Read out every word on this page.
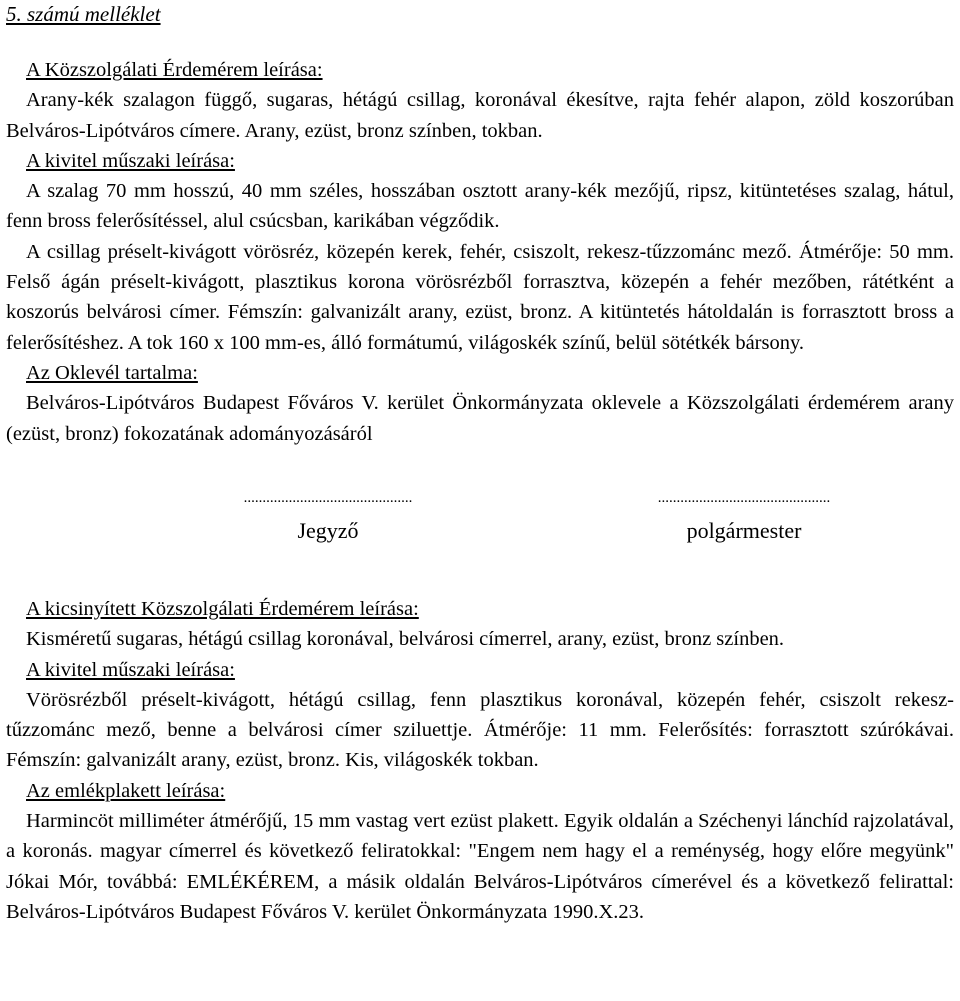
5. számú melléklet
A Közszolgálati Érdemérem leírása:

Arany-kék szalagon függő, sugaras, hétágú csillag, koronával ékesítve, rajta fehér alapon, zöld koszorúban Belváros-Lipótváros címere. Arany, ezüst, bronz színben, tokban.

A kivitel műszaki leírása:

A szalag 70 mm hosszú, 40 mm széles, hosszában osztott arany-kék mezőjű, ripsz, kitüntetéses szalag, hátul, fenn bross felerősítéssel, alul csúcsban, karikában végződik.

A csillag préselt-kivágott vörösréz, közepén kerek, fehér, csiszolt, rekesz-tűzzománc mező. Átmérője: 50 mm. Felső ágán préselt-kivágott, plasztikus korona vörösrézből forrasztva, közepén a fehér mezőben, rátétként a koszorús belvárosi címer. Fémszín: galvanizált arany, ezüst, bronz. A kitüntetés hátoldalán is forrasztott bross a felerősítéshez. A tok 160 x 100 mm-es, álló formátumú, világoskék színű, belül sötétkék bársony.

Az Oklevél tartalma:

Belváros-Lipótváros Budapest Főváros V. kerület Önkormányzata oklevele a Közszolgálati érdemérem arany (ezüst, bronz) fokozatának adományozásáról

.............................................
Jegyző
..............................................
polgármester
A kicsinyített Közszolgálati Érdemérem leírása:

Kisméretű sugaras, hétágú csillag koronával, belvárosi címerrel, arany, ezüst, bronz színben.

A kivitel műszaki leírása:

Vörösrézből préselt-kivágott, hétágú csillag, fenn plasztikus koronával, közepén fehér, csiszolt rekesz-tűzzománc mező, benne a belvárosi címer sziluettje. Átmérője: 11 mm. Felerősítés: forrasztott szúrókávai. Fémszín: galvanizált arany, ezüst, bronz. Kis, világoskék tokban.

Az emlékplakett leírása:

Harmincöt milliméter átmérőjű, 15 mm vastag vert ezüst plakett. Egyik oldalán a Széchenyi lánchíd rajzolatával, a koronás. magyar címerrel és következő feliratokkal: "Engem nem hagy el a reménység, hogy előre megyünk" Jókai Mór, továbbá: EMLÉKÉREM, a másik oldalán Belváros-Lipótváros címerével és a következő felirattal: Belváros-Lipótváros Budapest Főváros V. kerület Önkormányzata 1990.X.23.
